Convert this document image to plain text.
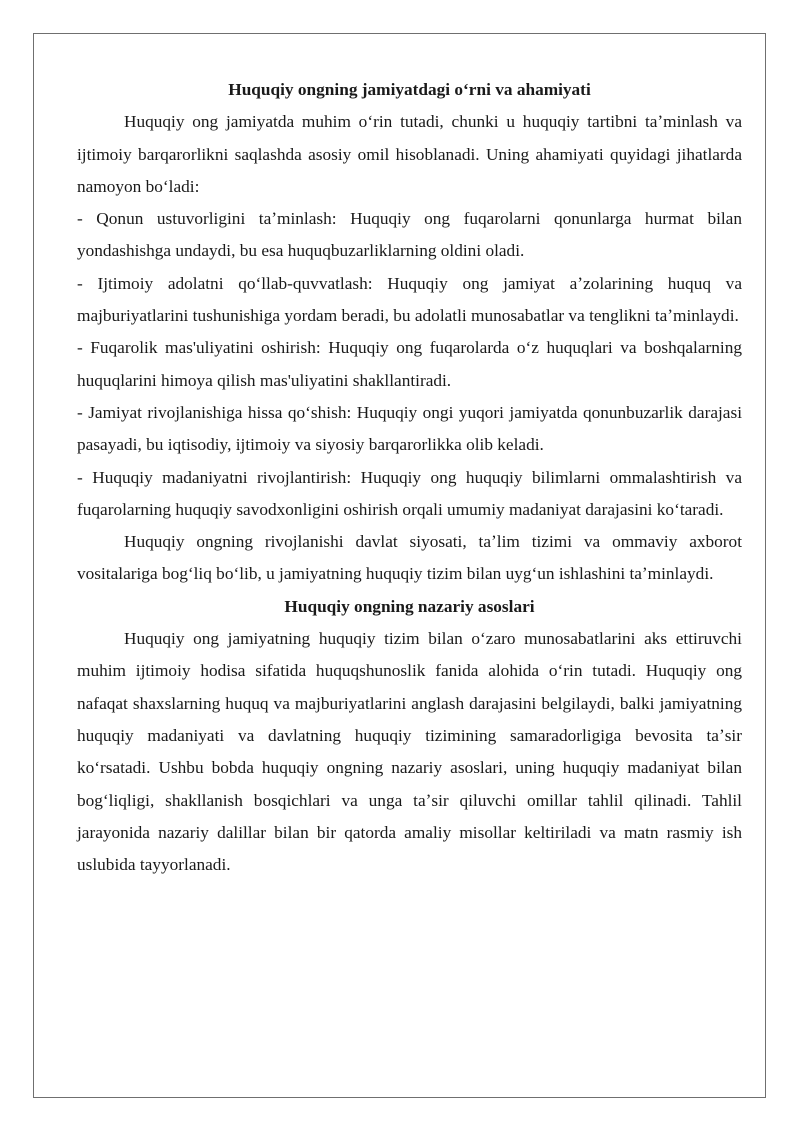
Huquqiy ongning jamiyatdagi oʻrni va ahamiyati

Huquqiy ong jamiyatda muhim oʻrin tutadi, chunki u huquqiy tartibni taʼminlash va ijtimoiy barqarorlikni saqlashda asosiy omil hisoblanadi. Uning ahamiyati quyidagi jihatlarda namoyon boʻladi:

- Qonun ustuvorligini taʼminlash: Huquqiy ong fuqarolarni qonunlarga hurmat bilan yondashishga undaydi, bu esa huquqbuzarliklarning oldini oladi.

- Ijtimoiy adolatni qoʻllab-quvvatlash: Huquqiy ong jamiyat aʼzolarining huquq va majburiyatlarini tushunishiga yordam beradi, bu adolatli munosabatlar va tenglikni taʼminlaydi.

- Fuqarolik mas'uliyatini oshirish: Huquqiy ong fuqarolarda oʻz huquqlari va boshqalarning huquqlarini himoya qilish mas'uliyatini shakllantiradi.

- Jamiyat rivojlanishiga hissa qoʻshish: Huquqiy ongi yuqori jamiyatda qonunbuzarlik darajasi pasayadi, bu iqtisodiy, ijtimoiy va siyosiy barqarorlikka olib keladi.

- Huquqiy madaniyatni rivojlantirish: Huquqiy ong huquqiy bilimlarni ommalashtirish va fuqarolarning huquqiy savodxonligini oshirish orqali umumiy madaniyat darajasini koʻtaradi.

Huquqiy ongning rivojlanishi davlat siyosati, taʼlim tizimi va ommaviy axborot vositalariga bogʻliq boʻlib, u jamiyatning huquqiy tizim bilan uygʻun ishlashini taʼminlaydi.

Huquqiy ongning nazariy asoslari

Huquqiy ong jamiyatning huquqiy tizim bilan oʻzaro munosabatlarini aks ettiruvchi muhim ijtimoiy hodisa sifatida huquqshunoslik fanida alohida oʻrin tutadi. Huquqiy ong nafaqat shaxslarning huquq va majburiyatlarini anglash darajasini belgilaydi, balki jamiyatning huquqiy madaniyati va davlatning huquqiy tizimining samaradorligiga bevosita taʼsir koʻrsatadi. Ushbu bobda huquqiy ongning nazariy asoslari, uning huquqiy madaniyat bilan bogʻliqligi, shakllanish bosqichlari va unga taʼsir qiluvchi omillar tahlil qilinadi. Tahlil jarayonida nazariy dalillar bilan bir qatorda amaliy misollar keltiriladi va matn rasmiy ish uslubida tayyorlanadi.
